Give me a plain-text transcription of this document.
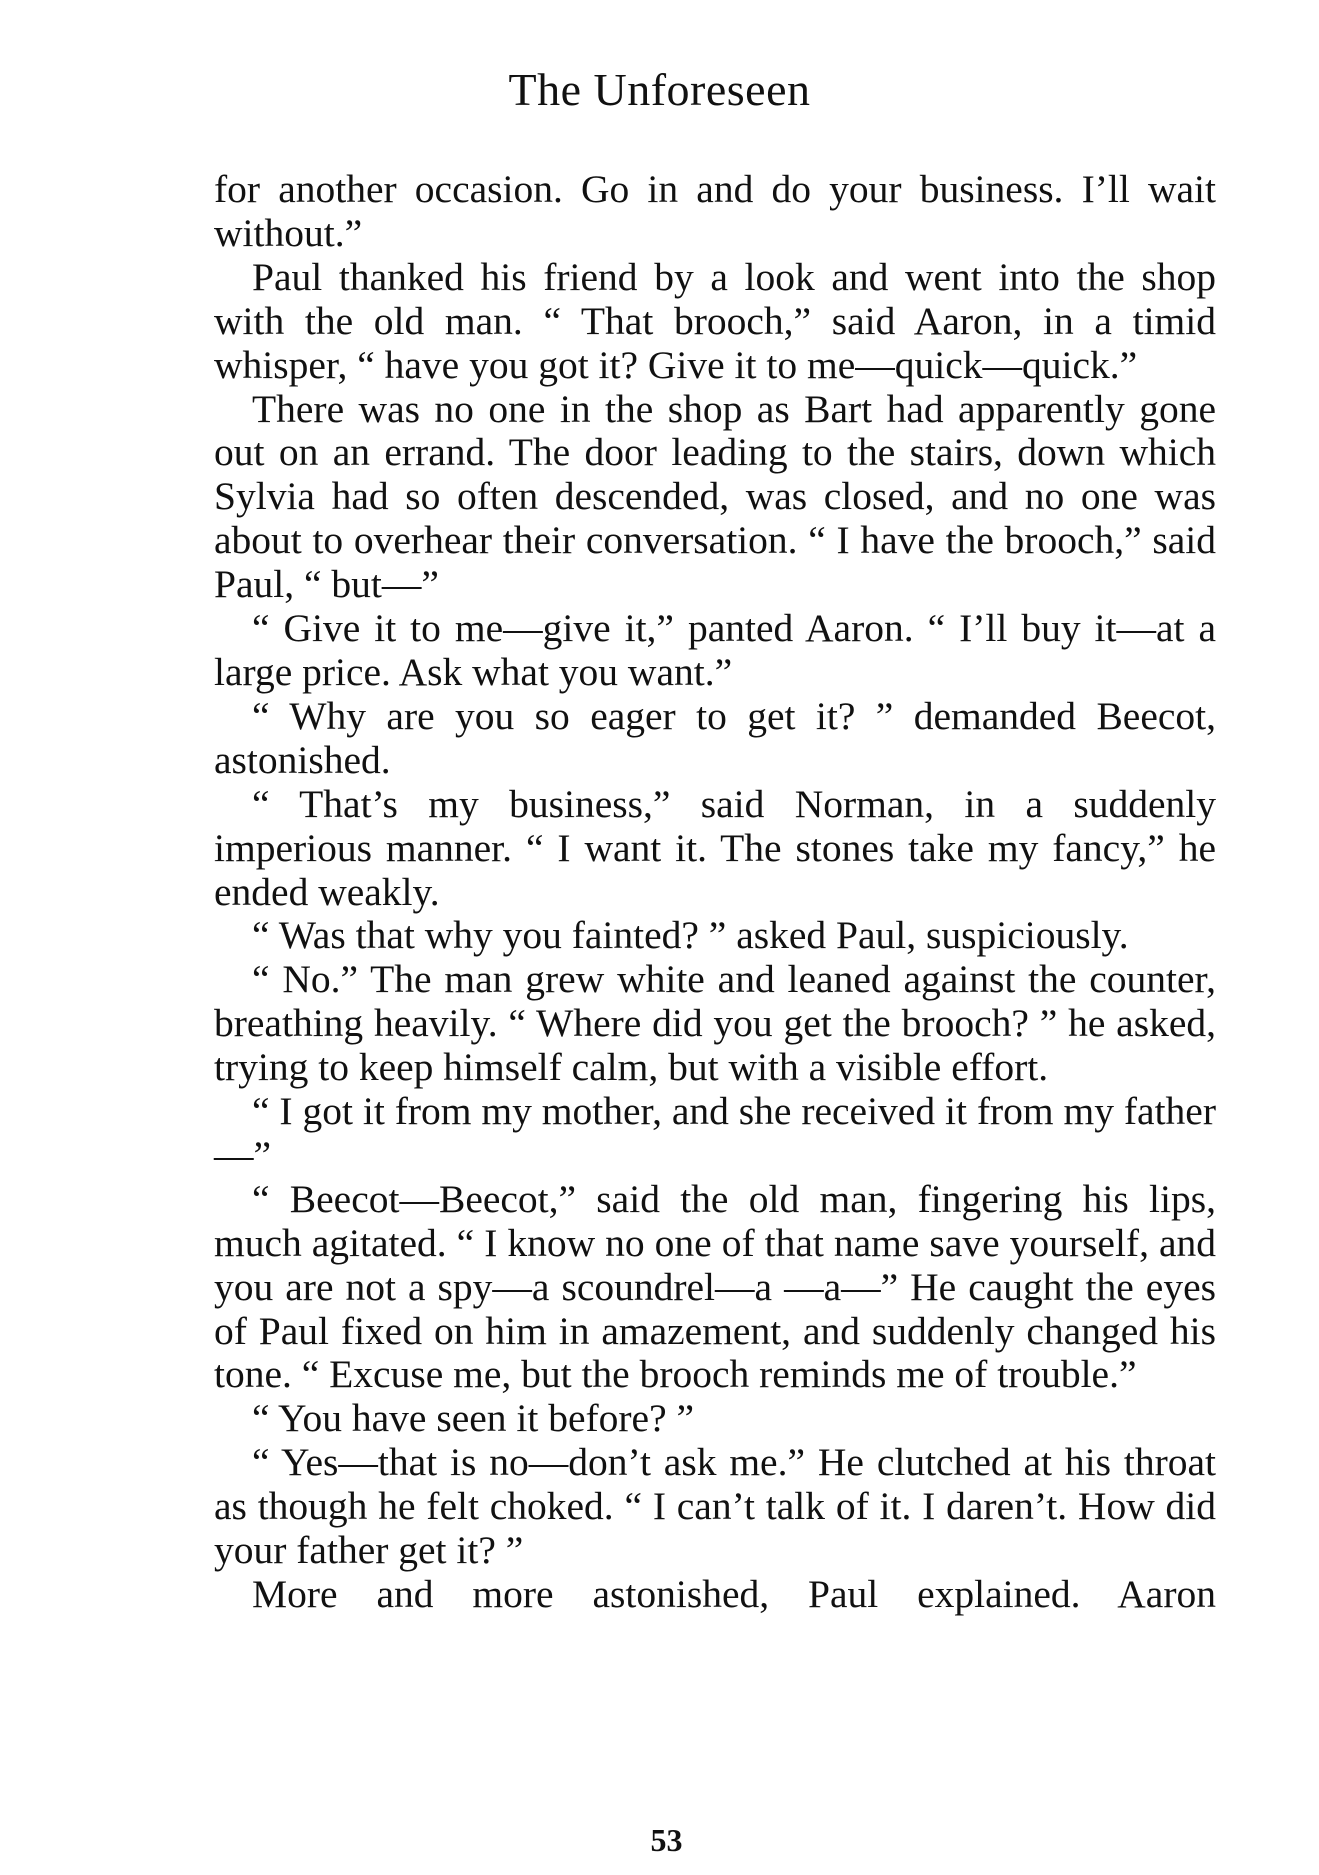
The Unforeseen

for another occasion. Go in and do your business. I’ll wait without.”

Paul thanked his friend by a look and went into the shop with the old man. “ That brooch,” said Aaron, in a timid whisper, “ have you got it? Give it to me—quick—quick.”

There was no one in the shop as Bart had apparently gone out on an errand. The door leading to the stairs, down which Sylvia had so often descended, was closed, and no one was about to overhear their conversation. “ I have the brooch,” said Paul, “ but—”

“ Give it to me—give it,” panted Aaron. “ I’ll buy it—at a large price. Ask what you want.”

“ Why are you so eager to get it? ” demanded Beecot, astonished.

“ That’s my business,” said Norman, in a suddenly imperious manner. “ I want it. The stones take my fancy,” he ended weakly.

“ Was that why you fainted? ” asked Paul, suspiciously.

“ No.” The man grew white and leaned against the counter, breathing heavily. “ Where did you get the brooch? ” he asked, trying to keep himself calm, but with a visible effort.

“ I got it from my mother, and she received it from my father—”

“ Beecot—Beecot,” said the old man, fingering his lips, much agitated. “ I know no one of that name save yourself, and you are not a spy—a scoundrel—a —a—” He caught the eyes of Paul fixed on him in amazement, and suddenly changed his tone. “ Excuse me, but the brooch reminds me of trouble.”

“ You have seen it before? ”

“ Yes—that is no—don’t ask me.” He clutched at his throat as though he felt choked. “ I can’t talk of it. I daren’t. How did your father get it? ”

More and more astonished, Paul explained. Aaron

53
